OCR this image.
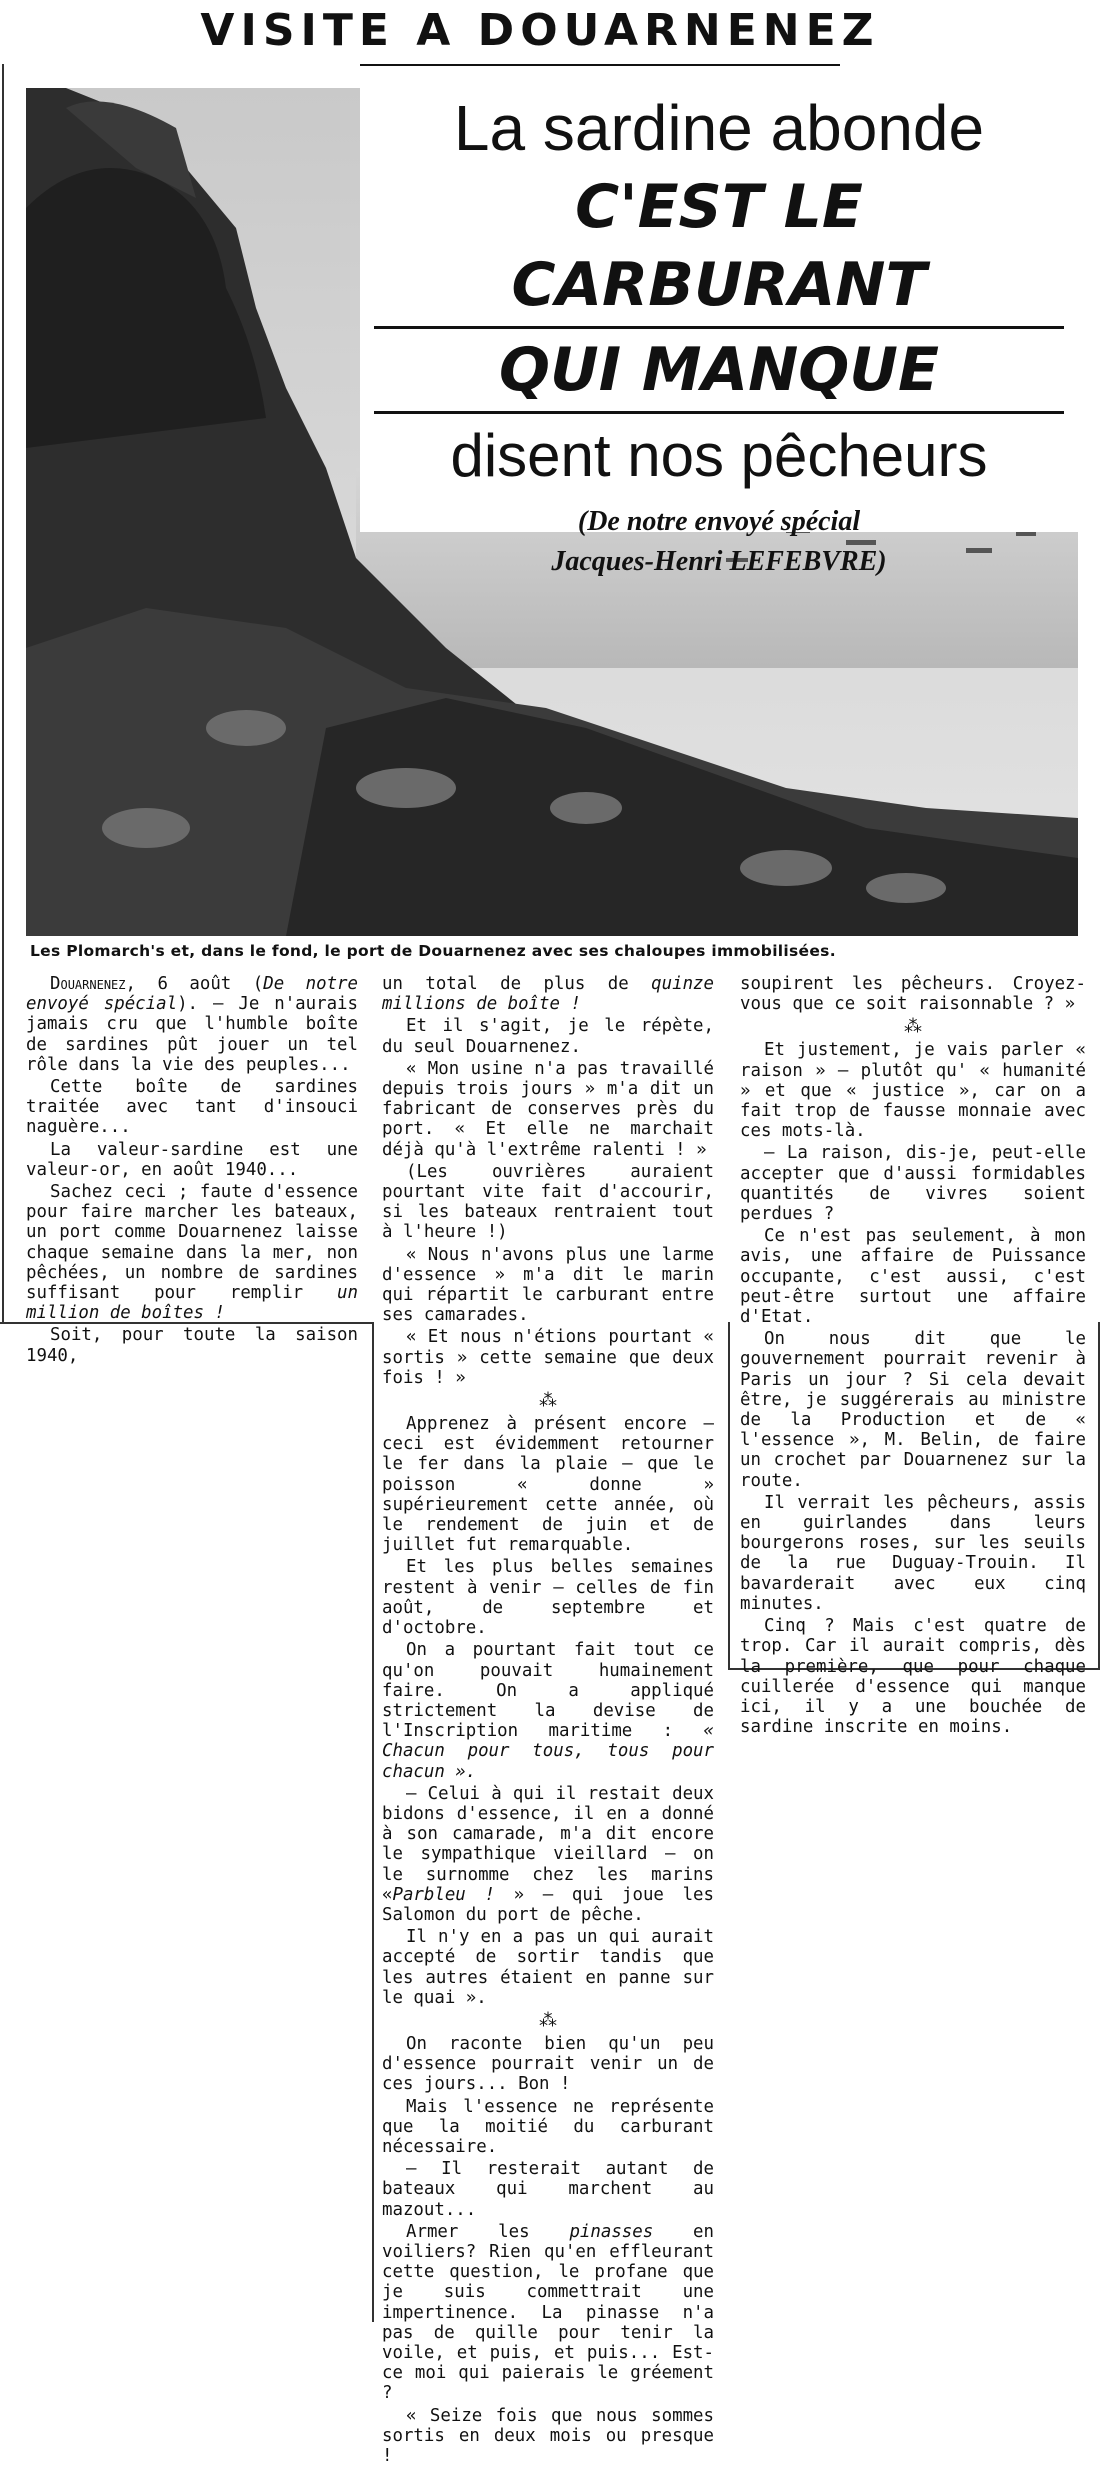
VISITE A DOUARNENEZ
La sardine abonde
C'EST LE CARBURANT
QUI MANQUE
disent nos pêcheurs
(De notre envoyé spécial
Jacques-Henri LEFEBVRE)
Les Plomarch's et, dans le fond, le port de Douarnenez avec ses chaloupes immobilisées.

Douarnenez, 6 août (De notre envoyé spécial). — Je n'aurais jamais cru que l'humble boîte de sardines pût jouer un tel rôle dans la vie des peuples...

Cette boîte de sardines traitée avec tant d'insouci naguère...

La valeur-sardine est une valeur-or, en août 1940...

Sachez ceci ; faute d'essence pour faire marcher les bateaux, un port comme Douarnenez laisse chaque semaine dans la mer, non pêchées, un nombre de sardines suffisant pour remplir un million de boîtes !

Soit, pour toute la saison 1940,

un total de plus de quinze millions de boîte !

Et il s'agit, je le répète, du seul Douarnenez.

« Mon usine n'a pas travaillé depuis trois jours » m'a dit un fabricant de conserves près du port. « Et elle ne marchait déjà qu'à l'extrême ralenti ! »

(Les ouvrières auraient pourtant vite fait d'accourir, si les bateaux rentraient tout à l'heure !)

« Nous n'avons plus une larme d'essence » m'a dit le marin qui répartit le carburant entre ses camarades.

« Et nous n'étions pourtant « sortis » cette semaine que deux fois ! »

⁂

Apprenez à présent encore — ceci est évidemment retourner le fer dans la plaie — que le poisson « donne » supérieurement cette année, où le rendement de juin et de juillet fut remarquable.

Et les plus belles semaines restent à venir — celles de fin août, de septembre et d'octobre.

On a pourtant fait tout ce qu'on pouvait humainement faire. On a appliqué strictement la devise de l'Inscription maritime : « Chacun pour tous, tous pour chacun ».

— Celui à qui il restait deux bidons d'essence, il en a donné à son camarade, m'a dit encore le sympathique vieillard — on le surnomme chez les marins «Parbleu ! » — qui joue les Salomon du port de pêche.

Il n'y en a pas un qui aurait accepté de sortir tandis que les autres étaient en panne sur le quai ».

⁂

On raconte bien qu'un peu d'essence pourrait venir un de ces jours... Bon !

Mais l'essence ne représente que la moitié du carburant nécessaire.

— Il resterait autant de bateaux qui marchent au mazout...

Armer les pinasses en voiliers? Rien qu'en effleurant cette question, le profane que je suis commettrait une impertinence. La pinasse n'a pas de quille pour tenir la voile, et puis, et puis... Est-ce moi qui paierais le gréement ?

« Seize fois que nous sommes sortis en deux mois ou presque !

soupirent les pêcheurs. Croyez-vous que ce soit raisonnable ? »

⁂

Et justement, je vais parler « raison » — plutôt qu' « humanité » et que « justice », car on a fait trop de fausse monnaie avec ces mots-là.

— La raison, dis-je, peut-elle accepter que d'aussi formidables quantités de vivres soient perdues ?

Ce n'est pas seulement, à mon avis, une affaire de Puissance occupante, c'est aussi, c'est peut-être surtout une affaire d'Etat.

On nous dit que le gouvernement pourrait revenir à Paris un jour ? Si cela devait être, je suggérerais au ministre de la Production et de « l'essence », M. Belin, de faire un crochet par Douarnenez sur la route.

Il verrait les pêcheurs, assis en guirlandes dans leurs bourgerons roses, sur les seuils de la rue Duguay-Trouin. Il bavarderait avec eux cinq minutes.

Cinq ? Mais c'est quatre de trop. Car il aurait compris, dès la première, que pour chaque cuillerée d'essence qui manque ici, il y a une bouchée de sardine inscrite en moins.
